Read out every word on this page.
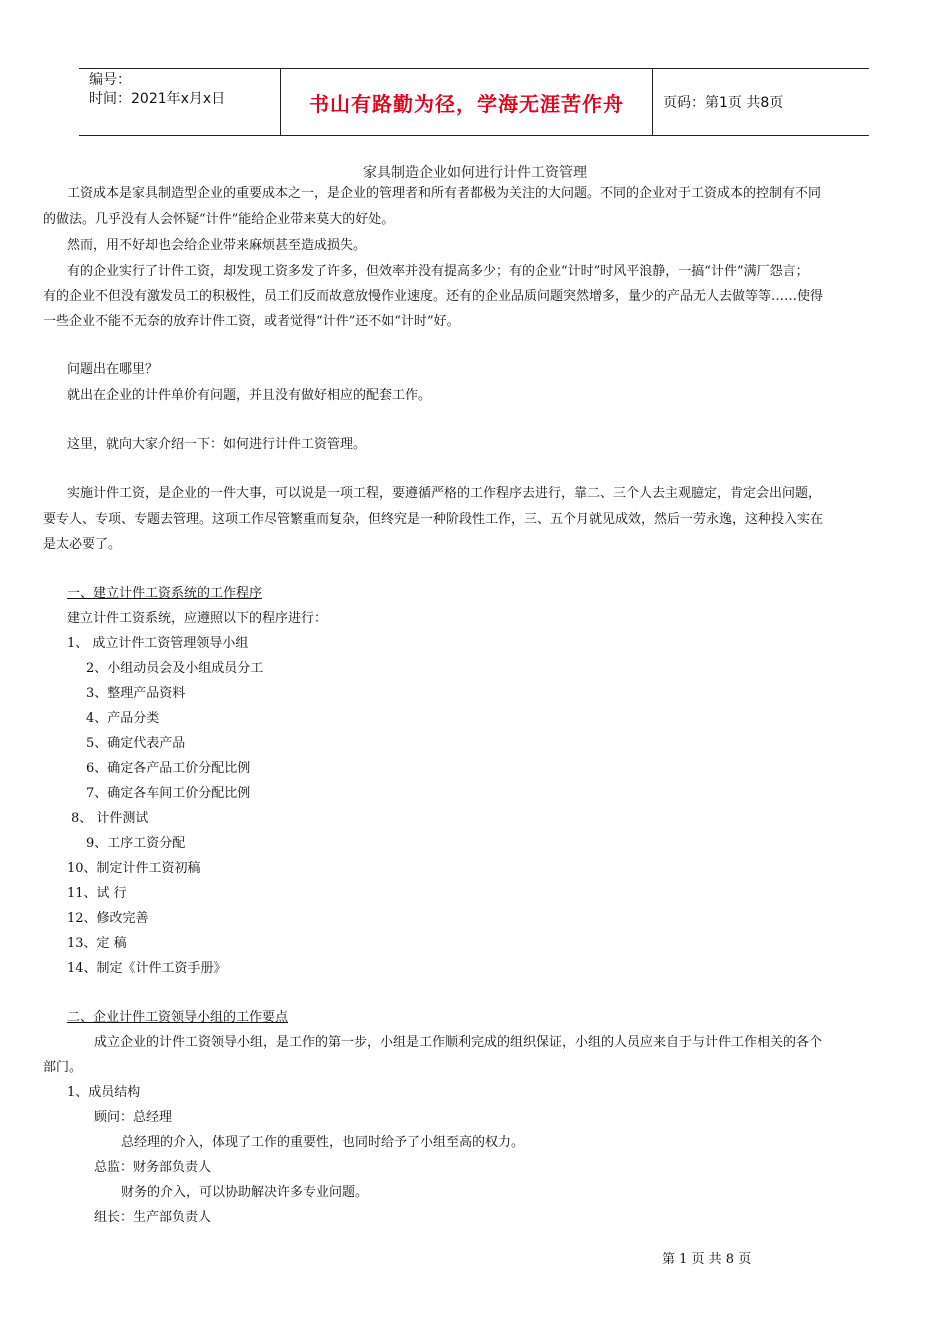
编号：
时间：2021年x月x日	书山有路勤为径，学海无涯苦作舟	页码：第1页 共8页
家具制造企业如何进行计件工资管理
工资成本是家具制造型企业的重要成本之一，是企业的管理者和所有者都极为关注的大问题。不同的企业对于工资成本的控制有不同
的做法。几乎没有人会怀疑“计件”能给企业带来莫大的好处。
然而，用不好却也会给企业带来麻烦甚至造成损失。
有的企业实行了计件工资，却发现工资多发了许多，但效率并没有提高多少；有的企业“计时”时风平浪静，一搞“计件”满厂怨言；
有的企业不但没有激发员工的积极性，员工们反而故意放慢作业速度。还有的企业品质问题突然增多，量少的产品无人去做等等……使得
一些企业不能不无奈的放弃计件工资，或者觉得“计件”还不如“计时”好。
问题出在哪里？
就出在企业的计件单价有问题，并且没有做好相应的配套工作。
这里，就向大家介绍一下：如何进行计件工资管理。
实施计件工资，是企业的一件大事，可以说是一项工程，要遵循严格的工作程序去进行，靠二、三个人去主观臆定，肯定会出问题，
要专人、专项、专题去管理。这项工作尽管繁重而复杂，但终究是一种阶段性工作，三、五个月就见成效，然后一劳永逸，这种投入实在
是太必要了。
一、建立计件工资系统的工作程序
建立计件工资系统，应遵照以下的程序进行：
1、 成立计件工资管理领导小组
2、小组动员会及小组成员分工
3、整理产品资料
4、产品分类
5、确定代表产品
6、确定各产品工价分配比例
7、确定各车间工价分配比例
8、 计件测试
9、工序工资分配
10、制定计件工资初稿
11、试 行
12、修改完善
13、定 稿
14、制定《计件工资手册》
二、企业计件工资领导小组的工作要点
成立企业的计件工资领导小组，是工作的第一步，小组是工作顺利完成的组织保证，小组的人员应来自于与计件工作相关的各个
部门。
1、成员结构
顾问：总经理
总经理的介入，体现了工作的重要性，也同时给予了小组至高的权力。
总监：财务部负责人
财务的介入，可以协助解决许多专业问题。
组长：生产部负责人
第 1 页 共 8 页
